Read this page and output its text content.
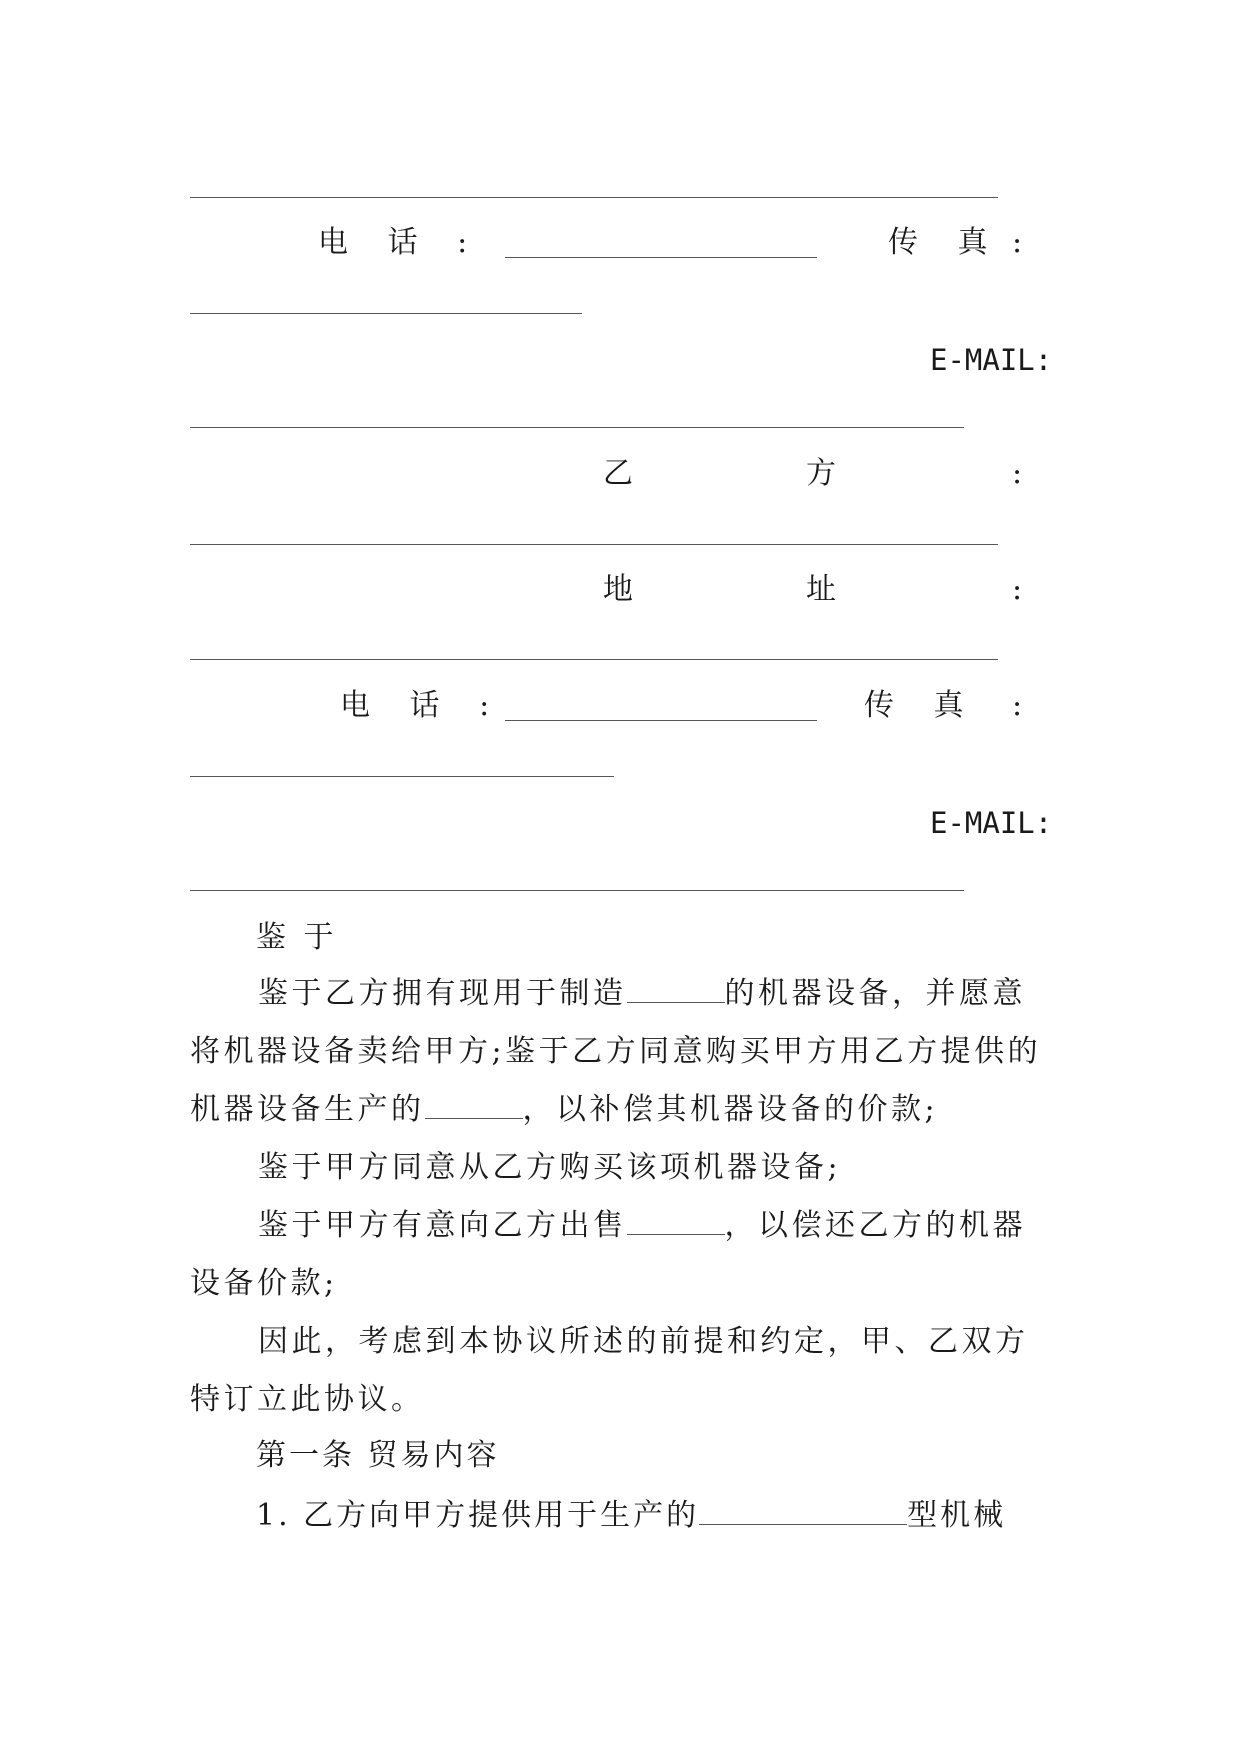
电 话 :	传 真 :
E-MAIL:
乙	方	:
地	址	:
电 话 :	传 真 :
E-MAIL:
鉴 于

鉴于乙方拥有现用于制造	的机器设备，并愿意将机器设备卖给甲方;鉴于乙方同意购买甲方用乙方提供的机器设备生产的	，以补偿其机器设备的价款;

鉴于甲方同意从乙方购买该项机器设备;

鉴于甲方有意向乙方出售	，以偿还乙方的机器设备价款;

因此，考虑到本协议所述的前提和约定，甲、乙双方特订立此协议。

第一条 贸易内容
1. 乙方向甲方提供用于生产的	型机械
